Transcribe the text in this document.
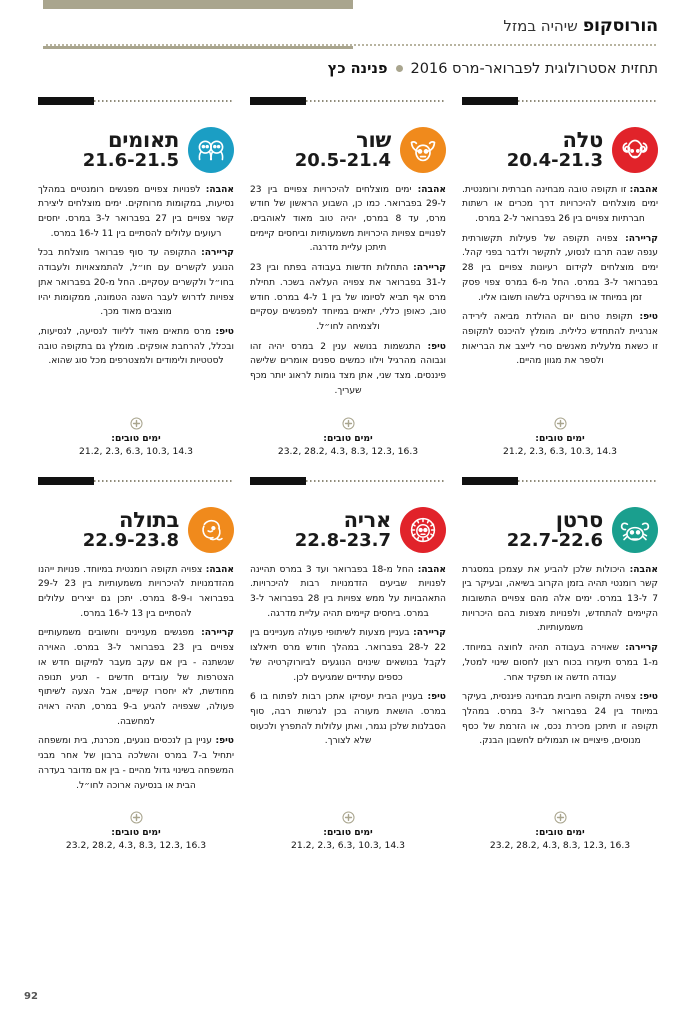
הורוסקופ
שיהיה במזל
תחזית אסטרולוגית לפברואר-מרס 2016
פנינה כץ
טלה
20.4-21.3

אהבה: זו תקופה טובה מבחינה חברתית ורומנטית. ימים מוצלחים להיכרויות דרך מכרים או רשתות חברתיות צפויים בין 26 בפברואר ל-2 במרס.

קריירה: צפויה תקופה של פעילות תקשורתית ענפה שבה תרבו לנסוע, לתקשר ולדבר בפני קהל. ימים מוצלחים לקידום רעיונות צפויים בין 28 בפברואר ל-3 במרס. החל מ-6 במרס צפוי פסק זמן במיוחד או בפרויקט בלשהו תשובו אליו.

טיפ: תקופת טרום יום ההולדת מביאה לירידה אנרגיית להתחדש כלילית. מומלץ להיכנס לתקופה זו כשאת מלעלית מאנשים סרי לייצב את הבריאות ולספר את מגוון מהיים.

ימים טובים:
21.2, 2.3, 6.3, 10.3, 14.3
שור
20.5-21.4

אהבה: ימים מוצלחים להיכרויות צפויים בין 23 ל-29 בפברואר. כמו כן, השבוע הראשון של חודש מרס, עד 8 במרס, יהיה טוב מאוד לאוהבים. לפנויים צפויות היכרויות משמעותיות וביחסים קיימים תיתכן עליית מדרגה.

קריירה: התחלות חדשות בעבודה בפתח ובין 23 ל-31 בפברואר את צפויה העלאה בשכר. תחילת מרס אף תביא לסיומו של בין 1 ל-4 במרס. חודש טוב, כאופן כללי, יתאים במיוחד למפגשים עסקיים ולצמיחה לחו״ל.

טיפ: התגשמות בנושא ענין 2 במרס יהיה זהו וגבוהה מהרגיל וילוו כמשים ספנים אומרים שלישה פיננסים. מצד שני, אתן מצד גומות לראוג יותר מכף שעריך.

ימים טובים:
23.2, 28.2, 4.3, 8.3, 12.3, 16.3
תאומים
21.6-21.5

אהבה: לפנויות צפויים מפגשים רומנטיים במהלך נסיעות, במקומות מרוחקים. ימים מוצלחים ליצירת קשר צפויים בין 27 בפברואר ל-3 במרס. יחסים רעועים עלולים להסתיים בין 11 ל-16 במרס.

קריירה: התקופה עד סוף פברואר מוצלחת בכל הנוגע לקשרים עם חו״ל, להתמצאויות ולעבודה בחו״ל ולקשרים עסקיים. החל מ-20 בפברואר אתן צפויות לדרוש לעבר השנה הטמונה, ממקומות יהיו מוצבים מאוד מכך.

טיפ: מרס מתאים מאוד לליווד לנסיעה, לנסיעות, ובכלל, להרחבת אופקים. מומלץ גם בתקופה טובה לסטטיות ולימודים ולמצטרפים מכל סוג שהוא.

ימים טובים:
21.2, 2.3, 6.3, 10.3, 14.3
סרטן
22.7-22.6

אהבה: היכולות שלכן להביע את עצמכן במסגרת קשר רומנטי תהיה בזמן הקרוב בשיאה, ובעיקר בין 7 ל-13 במרס. ימים אלה מהם צפויים התשובות הקיימים להתחדש, ולפנויות מצפות בהם היכרויות משמעותיות.

קריירה: שאוירה בעבודה תהיה לחוצה במיוחד. מ-1 במרס תיעזרו בכוח רצון לחסום שינוי למטל, עבודה חדשה או תפקיד אחר.

טיפ: צפויה תקופה חיובית מבחינה פיננסית, בעיקר במיוחד בין 24 בפברואר ל-3 במרס. במהלך תקופה זו תיתכן מכירת נכס, או הזרמת של כסף מנוסים, פיצויים או תגמולים לחשבון הבנק.

ימים טובים:
23.2, 28.2, 4.3, 8.3, 12.3, 16.3
אריה
22.8-23.7

אהבה: החל מ-18 בפברואר ועד 3 במרס תהיינה לפנויות שביעים הזדמנויות רבות להיכרויות. התאהבויות על ממש צפויות בין 28 בפברואר ל-3 במרס. ביחסים קיימים תהיה עליית מדרגה.

קריירה: בעניין מצעות לשיתופי פעולה מעניינים בין 22 ל-28 בפברואר. במהלך חודש מרס תיאלצו לקבל בנושאים שינוים הנוגעים לביורוקרטיה של כספים עתידיים שמגיעים לכן.

טיפ: בעניין הבית יעסיקו אתכן רבות לפתוח בו 6 במרס. הושאת מעורה בכן לגרשות רבה, סוף הסבלנות שלכן נגמר, ואתן עלולות להתפרץ ולכעוס שלא לצורך.

ימים טובים:
21.2, 2.3, 6.3, 10.3, 14.3
בתולה
22.9-23.8

אהבה: צפויה תקופה רומנטית במיוחד. פנויות ייהנו מהזדמנויות להיכרויות משמעותיות בין 23 ל-29 בפברואר ו-8-9 במרס. יתכן גם יצירים עלולים להסתיים בין 13 ל-16 במרס.

קריירה: מפגשים מעניינים וחשובים משמעותיים צפויים בין 23 בפברואר ל-3 במרס. האוירה שנשתנה - בין אם עקב מעבר למיקום חדש או הצטרפות של עובדים חדשים - תגיע תנופה מחודשת, לא יחסרו קשיים, אבל הצעה לשיתוף פעולה, שצפויה להגיע ב-9 במרס, תהיה ראויה למחשבה.

טיפ: עניין בן לנכסים נוגעים, מכרנת, בית ומשפחה יתחיל ב-7 במרס והשלכה ברבון של אחר מבני המשפחה בשינוי גדול מהיים - בין אם מדובר בעדרה הבית או בנסיעה ארוכה לחו״ל.

ימים טובים:
23.2, 28.2, 4.3, 8.3, 12.3, 16.3
92
